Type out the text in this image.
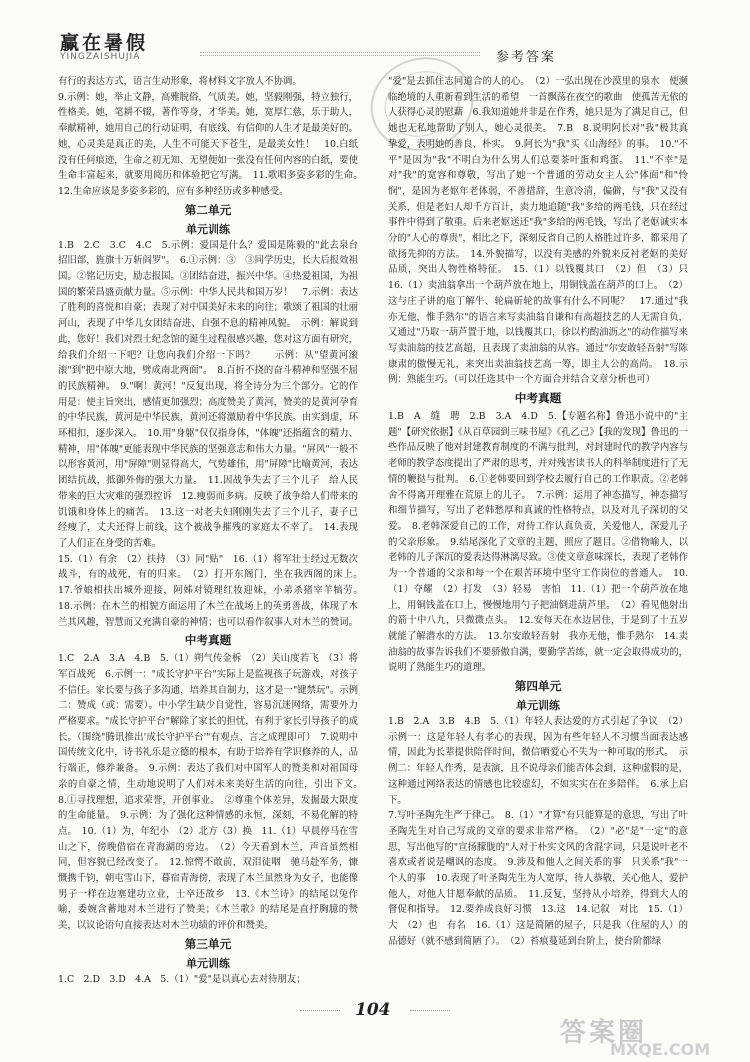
赢在暑假
YINGZAISHUJIA	参考答案

有行的表达方式，语言生动形象，将材料文字放人不协调。

9.示例：她，举止文静，高雅脱俗，气质美。她，坚毅刚强，特立独行，性格美。她，笔耕不辍，著作等身，才华美。她，宽厚仁慈，乐于助人，奉献精神，她用自己的行动证明，有底线、有信仰的人生才是最美好的。她，心灵美是真正的美，人生不可能天下苍生，是最美女性！　10.白纸没有任何痕迹，生命之初无知、无望便如一张没有任何内容的白纸，要使生命丰富起来，就要用阅历和体验把它写满。　11.歌唱多姿多彩的生命。　12.生命应该是多姿多彩的，应有多种经历或多种感受。

第二单元
单元训练

1.B　2.C　3.C　4.C　5.示例：爱国是什么？爱国是陈毅的"此去泉台招旧部，旌旗十万斩阎罗"。　6.①示例：③　③同学历史，长大后报效祖国。②铭记历史，励志报国。③团结奋进，振兴中华。④热爱祖国，为祖国的繁荣昌盛贡献力量。⑤示例：中华人民共和国万岁！　7.示例：表达了胜利的喜悦和自豪；表现了对中国美好未来的向往；歌颂了祖国的壮丽河山，表现了中华儿女团结奋进、自强不息的精神风貌。　示例：解说到此，您好！我们对烈士纪念馆的诞生过程很感兴趣，您对这方面有研究，给我们介绍一下吧？让您向我们介绍一下吗？　　示例：从"望黄河滚滚"到"把中原大地，劈成南北两面"。　8.百折不挠的奋斗精神和坚强不屈的民族精神。　9."啊！黄河！"反复出现，将全诗分为三个部分。它的作用是：使主旨突出，感情更加强烈；高度赞美了黄河，赞美的是黄河孕育的中华民族，黄河是中华民族，黄河还将激励着中华民族。由实到虚，环环相扣，逐步深入。　10.用"身躯"仅仅指身体，"体魄"还指蕴含的精力、精神，用"体魄"更能表现中华民族的坚强意志和伟大力量。"屏风"一般不以形容黄河，用"屏障"则显得高大，气势雄伟，用"屏障"比喻黄河，表达团结抗战，抵御外侮的强大力量。　11.因战争失去了三个儿子　给人民带来的巨大灾难的强烈控诉　12.瘦弱而多病。反映了战争给人们带来的饥饿和身体上的痛苦。　13.这一对老夫妇刚刚失去了三个儿子，妻子已经瘦了，丈夫还得上前线，这个被战争摧残的家庭太不幸了。　14.表现了人们正在身受的苦难。

15.（1）有余　（2）扶持　（3）同"贴"　16.（1）将军壮士经过无数次战斗，有的战死，有的归来。　（2）打开东阁门，坐在我西阁的床上。　17.爷娘相扶出城外迎接，阿姊对镜理红妆迎妹，小弟杀猪宰羊犒劳。　18.示例：在木兰的相貌方面运用了木兰在战场上的英勇善战，体现了木兰其风趣，智慧而又充满自豪的神情；也可以看作叙事人对木兰的赞词。

中考真题

1.C　2.A　3.A　4.B　5.（1）朔气传金柝　（2）关山度若飞　（3）将军百战死　6.示例一："成长守护平台"实际上是监视孩子玩游戏，对孩子不信任。家长要与孩子多沟通，培养其自制力，这才是一"键禁玩"。示例二：赞成（或：需要）。中小学生缺少自觉性，容易沉迷网络，需要外力严格要求。"成长守护平台"解除了家长的担忧，有利于家长引导孩子的成长。（围绕"腾讯推出'成长守护平台'"有观点、言之成理即可）　7.说明中国传统文化中，诗书礼乐是立德的根本，有助于培养有学识修养的人，品行端正，修养兼备。　9.示例：表达了我们对中国军人的赞美和对祖国母亲的自豪之情，生动地说明了人们对未来美好生活的向往，引出下文。　8.①寻找理想，追求荣誉，开创事业。　②尊重个体差异，发掘最大限度的生命能量。　9.示例：为了强化这种情感的永恒，深刻，不易化解的特点。　10.（1）为，年纪小　（2）北方（3）换　11.（1）早晨停马在雪山之下，傍晚借宿在青海湖的旁边。　（2）今天看到木兰，声音虽然相同，但容貌已经改变了。　12.惊愕不敢前，双泪徒咽　驰马赴军务，慷慨携千钧，朝屯雪山下，暮宿青海傍，表现了木兰虽然身为女子，也能像男子一样在边塞建功立业，士卒还故乡　13.《木兰诗》的结尾以兔作喻，委婉含蓄地对木兰进行了赞美；《木兰歌》的结尾是直抒胸臆的赞美，以议论语句直接表达对木兰功绩的评价和赞美。

第三单元
单元训练

1.C　2.D　3.D　4.A　5.（1）"爱"是以真心去对待朋友；

"爱"是去抓住志同道合的人的心。　（2）一弘出现在沙漠里的泉水　使濒临绝境的人重新看到生活的希望　一首飘荡在夜空的歌曲　使孤苦无依的人获得心灵的慰藉　6.我知道她并非是在作秀，她只是为了满足自己，但她也无私地帮助了别人，她心灵很美。　7.B　8.说明阿长对"我"极其真挚爱，表明她的善良、朴实。　9.阿长为"我"买《山海经》的事。　10."不平"是因为"我"不明白为什么男人们总要茶叶蛋和鸡蛋。　11."不幸"是对"我"的宽容和尊敬，写出了她一个普通的劳动女主人公"体面"和"怜悯"，是因为老妪年老体弱，不善措辞，生意冷清，偏僻，与"我"又没有关系，但是老妇人却千方百计，卖力地追随"我"多给的两毛钱，只在经过事件中得到了敬重。后来老妪送还"我"多给的两毛钱，写出了老妪诚实本分的"人心的尊贵"，相比之下，深刻反省自己的人格胜过许多，都采用了欲扬先抑的方法。　14.外貌描写，以没有美感的外貌来反衬老妪的美好品质，突出人物性格特征。　15.（1）以钱覆其口　（2）但　（3）只　16.（1）卖油翁拿出一个葫芦放在地上，用铜钱盖在葫芦的口上。　（2）这与庄子讲的庖丁解牛、轮扁斫轮的故事有什么不同呢？　17.通过"我亦无他，惟手熟尔"的语言来写卖油翁自谦和有高超技艺的人无需自负，又通过"乃取一葫芦置于地，以钱覆其口，徐以杓酌油沥之"的动作描写来写卖油翁的技艺高超，且表现了卖油翁的从容。通过"尔安敢轻吾射"写陈康肃的傲慢无礼，来突出卖油翁技艺高一筹，即主人公的高尚。　18.示例：熟能生巧。（可以任选其中一个方面合并结合文章分析也可）

中考真题

1.B　A　缝　聘　2.B　3.A　4.D　5.【专题名称】鲁迅小说中的"主题"【研究依据】《从百草园到三味书屋》《孔乙己》【我的发现】鲁迅的一些作品反映了他对封建教育制度的不满与批判，对封建时代的教学内容与老师的教学态度提出了严肃的思考，并对残害读书人的科举制度进行了无情的鞭挞与批判。　6.①老韩要回到学校去履行自己的工作职责。②老韩舍不得离开理雅在荒原上的儿子。　7.示例：运用了神态描写，神态描写和细节描写，写出了老韩愁厚和真诚的性格特点，以及对儿子深切的父爱。　8.老韩深爱自己的工作，对待工作认真负责，关爱他人，深爱儿子的父亲形象。　9.结尾深化了文章的主题，照应了题目。②借物喻人，以老韩的儿子深沉的爱表达得淋漓尽致。③使文章意味深长，表现了老韩作为一个普通的父亲和每一个在艰苦环境中坚守工作岗位的普通人。　10.（1）夺耀　（2）打发　（3）轻易　害怕　11.（1）把一个葫芦放在地上，用铜钱盖在口上，慢慢地用勺子把油倒进葫芦里。　（2）看见他射出的箭十中八九，只微微点头。　12.安每天在水边居住，于是到了十五岁就能了解潜水的方法。　13.尔安敢轻吾射　我亦无他，惟手熟尔　14.卖油翁的故事告诉我们不要骄傲自满，要勤学苦练，就一定会取得成功的，说明了熟能生巧的道理。

第四单元
单元训练

1.B　2.A　3.B　4.B　5.（1）年轻人表达爱的方式引起了争议　（2）示例一：这是年轻人有孝心的表现，因为有些年轻人不习惯当面表达感情，因此为长辈提供陪伴时间，微信晒爱心不失为一种可取的形式。　示例二：年轻人作秀，是表演，且不说母亲们能否体会到，这种虚假的是，这种通过网络表达的情感也比较虚幻，不如实实在在多陪伴。　6.承上启下。

7.写叶圣陶先生严于律己。　8.（1）"才算"有只能算是的意思，写出了叶圣陶先生对自己写成的文章的要求非常严格。　（2）"必"是"一定"的意思，写出他写的"宣扬朦胧的"人对于朴实文风的含混字词，只是说叶老不喜欢或者说是嘲讽的态度。　9.涉及和他人之间关系的事　只关系"我"一个人的事　10.表现了叶圣陶先生为人宽厚，待人恭敬，关心他人，爱护他人，对他人甘愿奉献的品质。　11.反复，坚持从小培养，得到大人的督促和指导。　12.要养成良好习惯　13.这　14.记叙　对比　15.（1）大　（2）也　有名　16.（1）这是简陋的屋子，只是我（住屋的人）的品德好（就不感到简陋了）。　（2）苔痕蔓延到台阶上，使台阶都绿

104
答案圈
MXQE.COM
